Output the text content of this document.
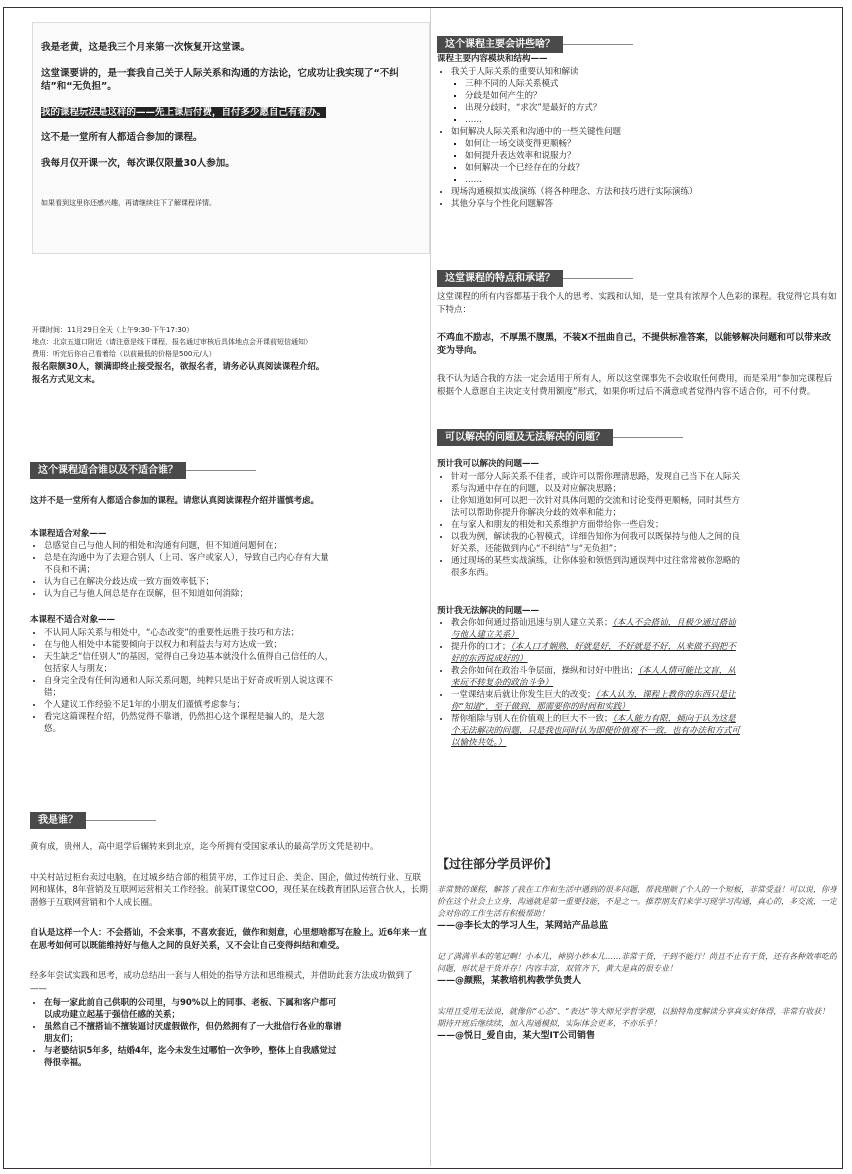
我是老黄，这是我三个月来第一次恢复开这堂课。

这堂课要讲的，是一套我自己关于人际关系和沟通的方法论，它成功让我实现了“不纠结”和“无负担”。

我的课程玩法是这样的——先上课后付费，自付多少愿自己有着办。

这不是一堂所有人都适合参加的课程。

我每月仅开课一次，每次课仅限量30人参加。

如果看到这里你还感兴趣，再请继续往下了解课程详情。

开课时间：11月29日全天（上午9:30-下午17:30）

地点：北京五道口附近（请注意是线下课程，报名通过审核后具体地点会开课前短信通知）

费用：听完后你自己看着给（以前最低的价格是500元/人）

报名限额30人，额满即终止接受报名，欲报名者，请务必认真阅读课程介绍。

报名方式见文末。

这个课程适合谁以及不适合谁？

这并不是一堂所有人都适合参加的课程。请您认真阅读课程介绍并谨慎考虑。

本课程适合对象——

• 总感觉自己与他人间的相处和沟通有问题，但不知道问题何在；
• 总是在沟通中为了去迎合别人（上司、客户或家人），导致自己内心存有大量不良和不满；
• 认为自己在解决分歧达成一致方面效率低下；
• 认为自己与他人间总是存在误解，但不知道如何消除；

本课程不适合对象——

• 不认同人际关系与相处中，“心态改变”的重要性远胜于技巧和方法；
• 在与他人相处中本能要倾向于以权力和利益去与对方达成一致；
• 天生缺乏“信任别人”的基因，觉得自己身边基本就没什么值得自己信任的人，包括家人与朋友；
• 自身完全没有任何沟通和人际关系问题，纯粹只是出于好奇或听别人说这课不错；
• 个人建议工作经验不足1年的小朋友们谨慎考虑参与；
• 看完这篇课程介绍，仍然觉得不靠谱，仍然担心这个课程是骗人的，是大忽悠。
我是谁？

黄有成，贵州人，高中退学后辗转来到北京，迄今所拥有受国家承认的最高学历文凭是初中。

中关村站过柜台卖过电脑，在过城乡结合部的租赁平房，工作过日企、美企、国企，做过传统行业、互联网和媒体，8年营销及互联网运营相关工作经验。前某IT课堂COO，现任某在线教育团队运营合伙人，长期潜修于互联网营销和个人成长圈。

自认是这样一个人：不会搭讪，不会来事，不喜欢套近，做作和刻意，心里想啥都写在脸上。近6年来一直在思考如何可以既能维持好与他人之间的良好关系，又不会让自己变得纠结和难受。

经多年尝试实践和思考，成功总结出一套与人相处的指导方法和思维模式，并借助此套方法成功做到了——

• 在每一家此前自己供职的公司里，与90%以上的同事、老板、下属和客户都可以成功建立起基于强信任感的关系；
• 虽然自己不擅搭讪不擅装逼讨厌虚假做作，但仍然拥有了一大批信行各业的靠谱朋友们；
• 与老婆结识5年多，结婚4年，迄今未发生过哪怕一次争吵，整体上自我感觉过得很幸福。
这个课程主要会讲些啥？

课程主要内容模块和结构——

• 我关于人际关系的重要认知和解读
▪ 三种不同的人际关系模式
▪ 分歧是如何产生的？
▪ 出现分歧时，“求次”是最好的方式？
▪ ……
• 如何解决人际关系和沟通中的一些关键性问题
▪ 如何让一场交谈变得更顺畅？
▪ 如何提升表达效率和说服力？
▪ 如何解决一个已经存在的分歧？
▪ ……
• 现场沟通模拟实战演练（将各种理念、方法和技巧进行实际演练）
• 其他分享与个性化问题解答
这堂课程的特点和承诺？

这堂课程的所有内容都基于我个人的思考、实践和认知，是一堂具有浓厚个人色彩的课程。我觉得它具有如下特点：

不鸡血不励志，不厚黑不腹黑，不装X不扭曲自己，不提供标准答案，以能够解决问题和可以带来改变为导向。

我不认为适合我的方法一定会适用于所有人，所以这堂课事先不会收取任何费用，而是采用“参加完课程后根据个人意愿自主决定支付费用额度”形式，如果你听过后不满意或者觉得内容不适合你，可不付费。

可以解决的问题及无法解决的问题？

预计我可以解决的问题——

• 针对一部分人际关系不佳者，或许可以帮你理清思路，发现自己当下在人际关系与沟通中存在的问题，以及对应解决思路；
• 让你知道如何可以把一次针对具体问题的交流和讨论变得更顺畅，同时其些方法可以帮助你提升你解决分歧的效率和能力；
• 在与家人和朋友的相处和关系维护方面带给你一些启发；
• 以我为例，解读我的心智模式，详细告知你为何我可以既保持与他人之间的良好关系，还能做到内心“不纠结”与“无负担”；
• 通过现场的某些实战演练，让你体验和领悟到沟通误判中过往常常被你忽略的很多东西。

预计我无法解决的问题——

• 教会你如何通过搭讪迅速与别人建立关系；（本人不会搭讪，且极少通过搭讪与他人建立关系）
• 提升你的口才；（本人口才娴熟，好就是好，不好就是不好，从来做不到把不好的东西说成好的）
• 教会你如何在政治斗争层面，操纵和讨好中胜出；（本人人情可能比文盲，从来玩不转复杂的政治斗争）
• 一堂课结束后就让你发生巨大的改变；（本人认为，课程上教你的东西只是让你“知道”，至于做到，那需要你的时间和实践）
• 帮你缩除与别人在价值观上的巨大不一致；（本人能力有限，倾向于认为这是个无法解决的问题，只是我也同时认为即便价值观不一致，也有办法和方式可以愉快共处。）

【过往部分学员评价】

非常赞的课程，解答了我在工作和生活中遇到的很多问题，帮我理顺了个人的一个短板，非常受益！可以说，你身价在这个社会上立身，沟通就是第一重要技能，不是之一。推荐朋友们来学习现学习沟通，真心的，多交流，一定会对你的工作生活有积极帮助！

——@李长太的学习人生，某网站产品总监

记了满满半本的笔记啊！小本儿，神别小妙本儿……非常干货，干到不能行！尚且不止有干货，还有各种效率吃的问题，形状是干货并存！内容丰富，双管齐下，黄大是真的很专业！

——@颜熙，某教培机构教学负责人

实用且受用无法说，就像你“心态”、“表达”等大师兄学哲学理，以独特角度解读分享真实好体得，非常有收获！期待开班后继续续，加入沟通模拟，实际体会更多，不亦乐乎！

——@悦日_爱自由，某大型IT公司销售
